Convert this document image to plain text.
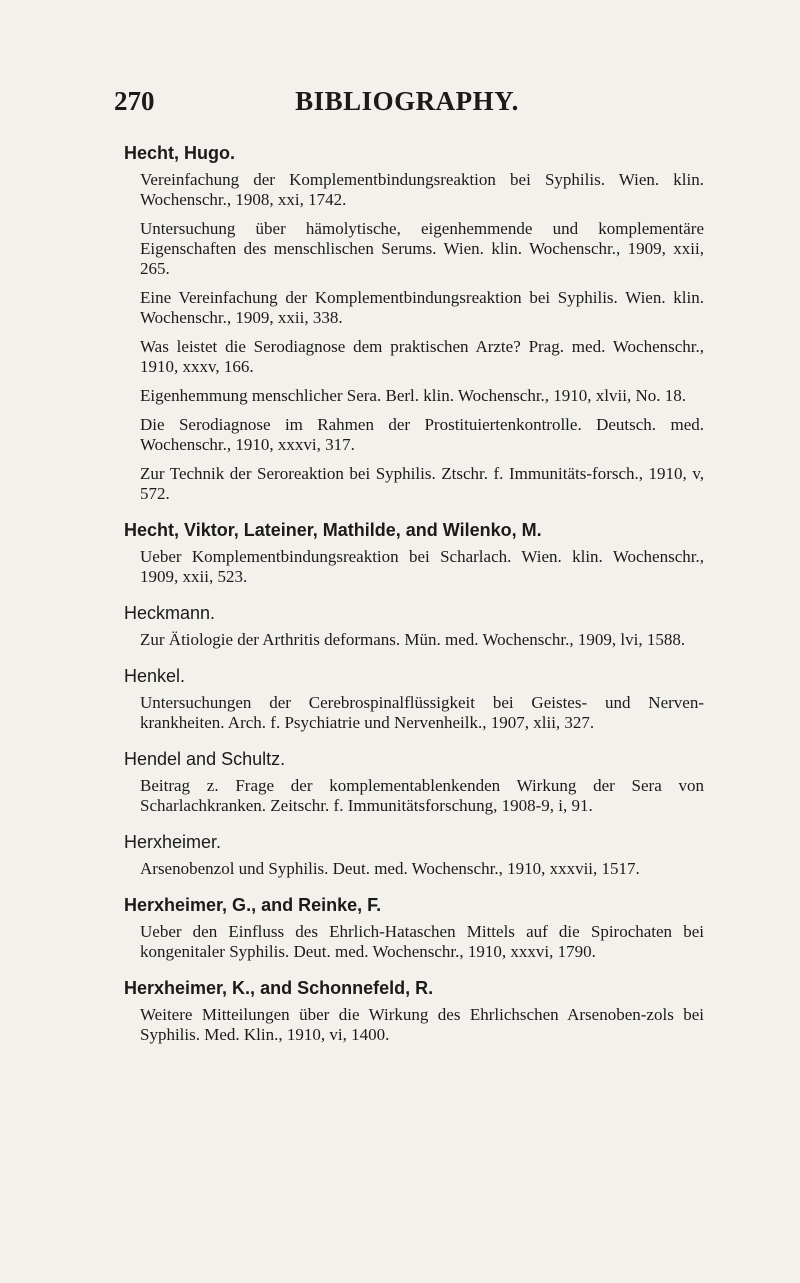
270	BIBLIOGRAPHY.
Hecht, Hugo.
Vereinfachung der Komplementbindungsreaktion bei Syphilis. Wien. klin. Wochenschr., 1908, xxi, 1742.
Untersuchung über hämolytische, eigenhemmende und komplementäre Eigenschaften des menschlischen Serums. Wien. klin. Wochenschr., 1909, xxii, 265.
Eine Vereinfachung der Komplementbindungsreaktion bei Syphilis. Wien. klin. Wochenschr., 1909, xxii, 338.
Was leistet die Serodiagnose dem praktischen Arzte? Prag. med. Wochenschr., 1910, xxxv, 166.
Eigenhemmung menschlicher Sera. Berl. klin. Wochenschr., 1910, xlvii, No. 18.
Die Serodiagnose im Rahmen der Prostituiertenkontrolle. Deutsch. med. Wochenschr., 1910, xxxvi, 317.
Zur Technik der Seroreaktion bei Syphilis. Ztschr. f. Immunitäts-forsch., 1910, v, 572.
Hecht, Viktor, Lateiner, Mathilde, and Wilenko, M.
Ueber Komplementbindungsreaktion bei Scharlach. Wien. klin. Wochenschr., 1909, xxii, 523.
Heckmann.
Zur Ätiologie der Arthritis deformans. Mün. med. Wochenschr., 1909, lvi, 1588.
Henkel.
Untersuchungen der Cerebrospinalflüssigkeit bei Geistes- und Nerven-krankheiten. Arch. f. Psychiatrie und Nervenheilk., 1907, xlii, 327.
Hendel and Schultz.
Beitrag z. Frage der komplementablenkenden Wirkung der Sera von Scharlachkranken. Zeitschr. f. Immunitätsforschung, 1908-9, i, 91.
Herxheimer.
Arsenobenzol und Syphilis. Deut. med. Wochenschr., 1910, xxxvii, 1517.
Herxheimer, G., and Reinke, F.
Ueber den Einfluss des Ehrlich-Hataschen Mittels auf die Spirochaten bei kongenitaler Syphilis. Deut. med. Wochenschr., 1910, xxxvi, 1790.
Herxheimer, K., and Schonnefeld, R.
Weitere Mitteilungen über die Wirkung des Ehrlichschen Arsenoben-zols bei Syphilis. Med. Klin., 1910, vi, 1400.
